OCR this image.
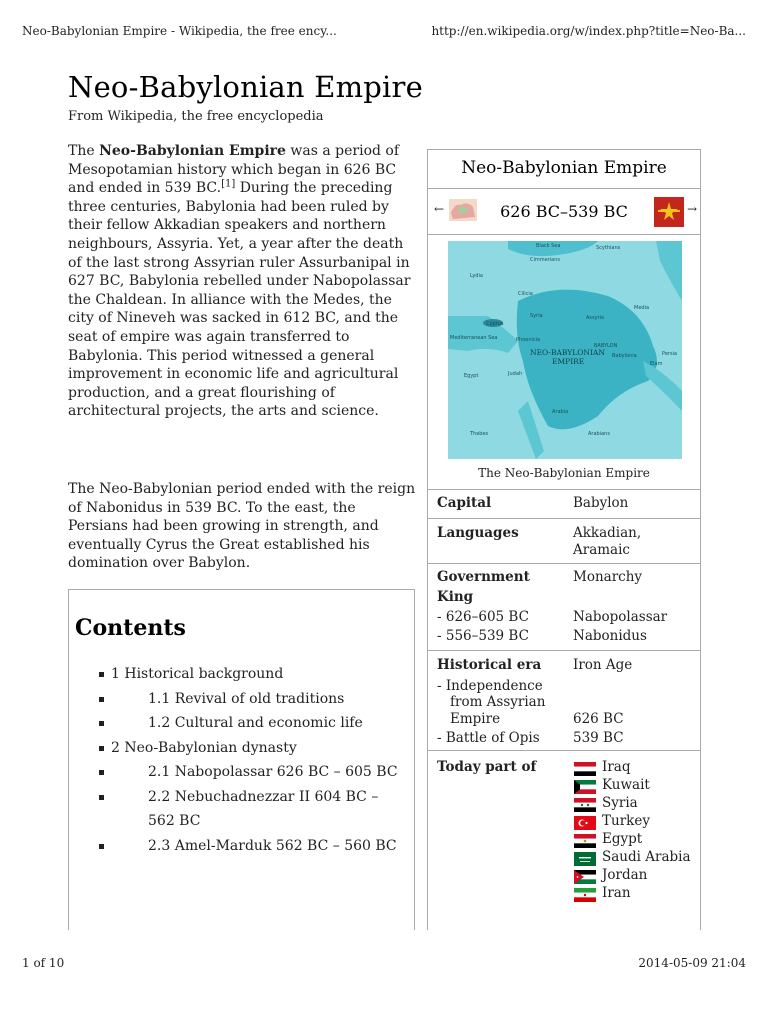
Neo-Babylonian Empire - Wikipedia, the free ency...	http://en.wikipedia.org/w/index.php?title=Neo-Ba...
Neo-Babylonian Empire
From Wikipedia, the free encyclopedia

The Neo-Babylonian Empire was a period of Mesopotamian history which began in 626 BC and ended in 539 BC.[1] During the preceding three centuries, Babylonia had been ruled by their fellow Akkadian speakers and northern neighbours, Assyria. Yet, a year after the death of the last strong Assyrian ruler Assurbanipal in 627 BC, Babylonia rebelled under Nabopolassar the Chaldean. In alliance with the Medes, the city of Nineveh was sacked in 612 BC, and the seat of empire was again transferred to Babylonia. This period witnessed a general improvement in economic life and agricultural production, and a great flourishing of architectural projects, the arts and science.

The Neo-Babylonian period ended with the reign of Nabonidus in 539 BC. To the east, the Persians had been growing in strength, and eventually Cyrus the Great established his domination over Babylon.

Contents
1 Historical background
1.1 Revival of old traditions
1.2 Cultural and economic life
2 Neo-Babylonian dynasty
2.1 Nabopolassar 626 BC – 605 BC
2.2 Nebuchadnezzar II 604 BC – 562 BC
2.3 Amel-Marduk 562 BC – 560 BC
Neo-Babylonian Empire
←	626 BC–539 BC	→
Black Sea	Scythians
Cimmerians
Lydia
Cilicia
Media
Assyria
Syria
Cyprus
Phoenicia
Mediterranean Sea
BABYLON
Babylonia
Elam
Persia
Egypt	Judah
Arabia
Arabians
Thebes
NEO-BABYLONIAN
EMPIRE
The Neo-Babylonian Empire
Capital	Babylon
Languages	Akkadian,
Aramaic
Government	Monarchy
King
- 626–605 BC	Nabopolassar
- 556–539 BC	Nabonidus
Historical era Iron Age
- Independence
from Assyrian
Empire	626 BC
- Battle of Opis 539 BC
Today part of	Iraq
Kuwait
Syria
Turkey
Egypt
Saudi Arabia
Jordan
Iran
1 of 10	2014-05-09 21:04
